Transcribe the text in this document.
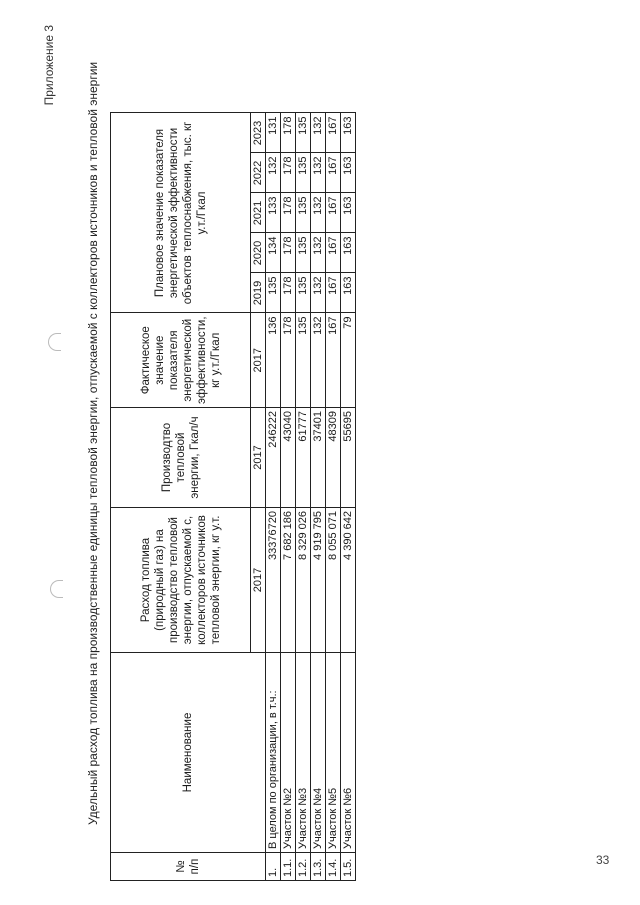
Приложение 3	Удельный расход топлива на производственные единицы тепловой энергии, отпускаемой с коллекторов источников и тепловой энергии
№ п/п	Наименование	Расход топлива (природный газ) на производство тепловой энергии, отпускаемой с, коллекторов источников тепловой энергии, кг у.т.	Производтво тепловой энергии, Гкал/ч	Фактическое значение показателя энергетической эффективности, кг у.т./Гкал	Плановое значение показателя энергетической эффективности объектов теплоснабжения, тыс. кг у.т./Гкал				
		2017	2017	2017	2019	2020	2021	2022	2023
1.	В целом по организации, в т.ч.:	33376720	246222	136	135	134	133	132	131
1.1.	Участок №2	7 682 186	43040	178	178	178	178	178	178
1.2.	Участок №3	8 329 026	61777	135	135	135	135	135	135
1.3.	Участок №4	4 919 795	37401	132	132	132	132	132	132
1.4.	Участок №5	8 055 071	48309	167	167	167	167	167	167
1.5.	Участок №6	4 390 642	55695	79	163	163	163	163	163
33
